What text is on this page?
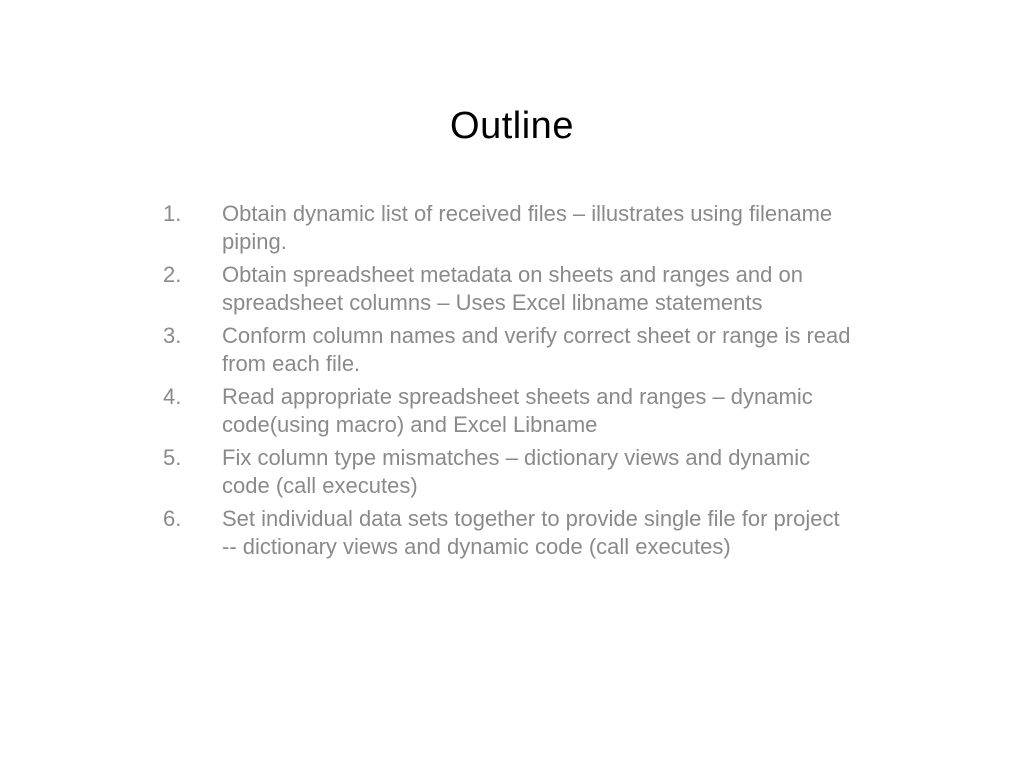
Outline
1.	Obtain dynamic list of received files – illustrates using filename piping.
2.	Obtain spreadsheet metadata on sheets and ranges and on spreadsheet columns – Uses Excel libname statements
3.	Conform column names and verify correct sheet or range is read from each file.
4.	Read appropriate spreadsheet sheets and ranges – dynamic code(using macro) and Excel Libname
5.	Fix column type mismatches – dictionary views and dynamic code (call executes)
6.	Set individual data sets together to provide single file for project -- dictionary views and dynamic code (call executes)
